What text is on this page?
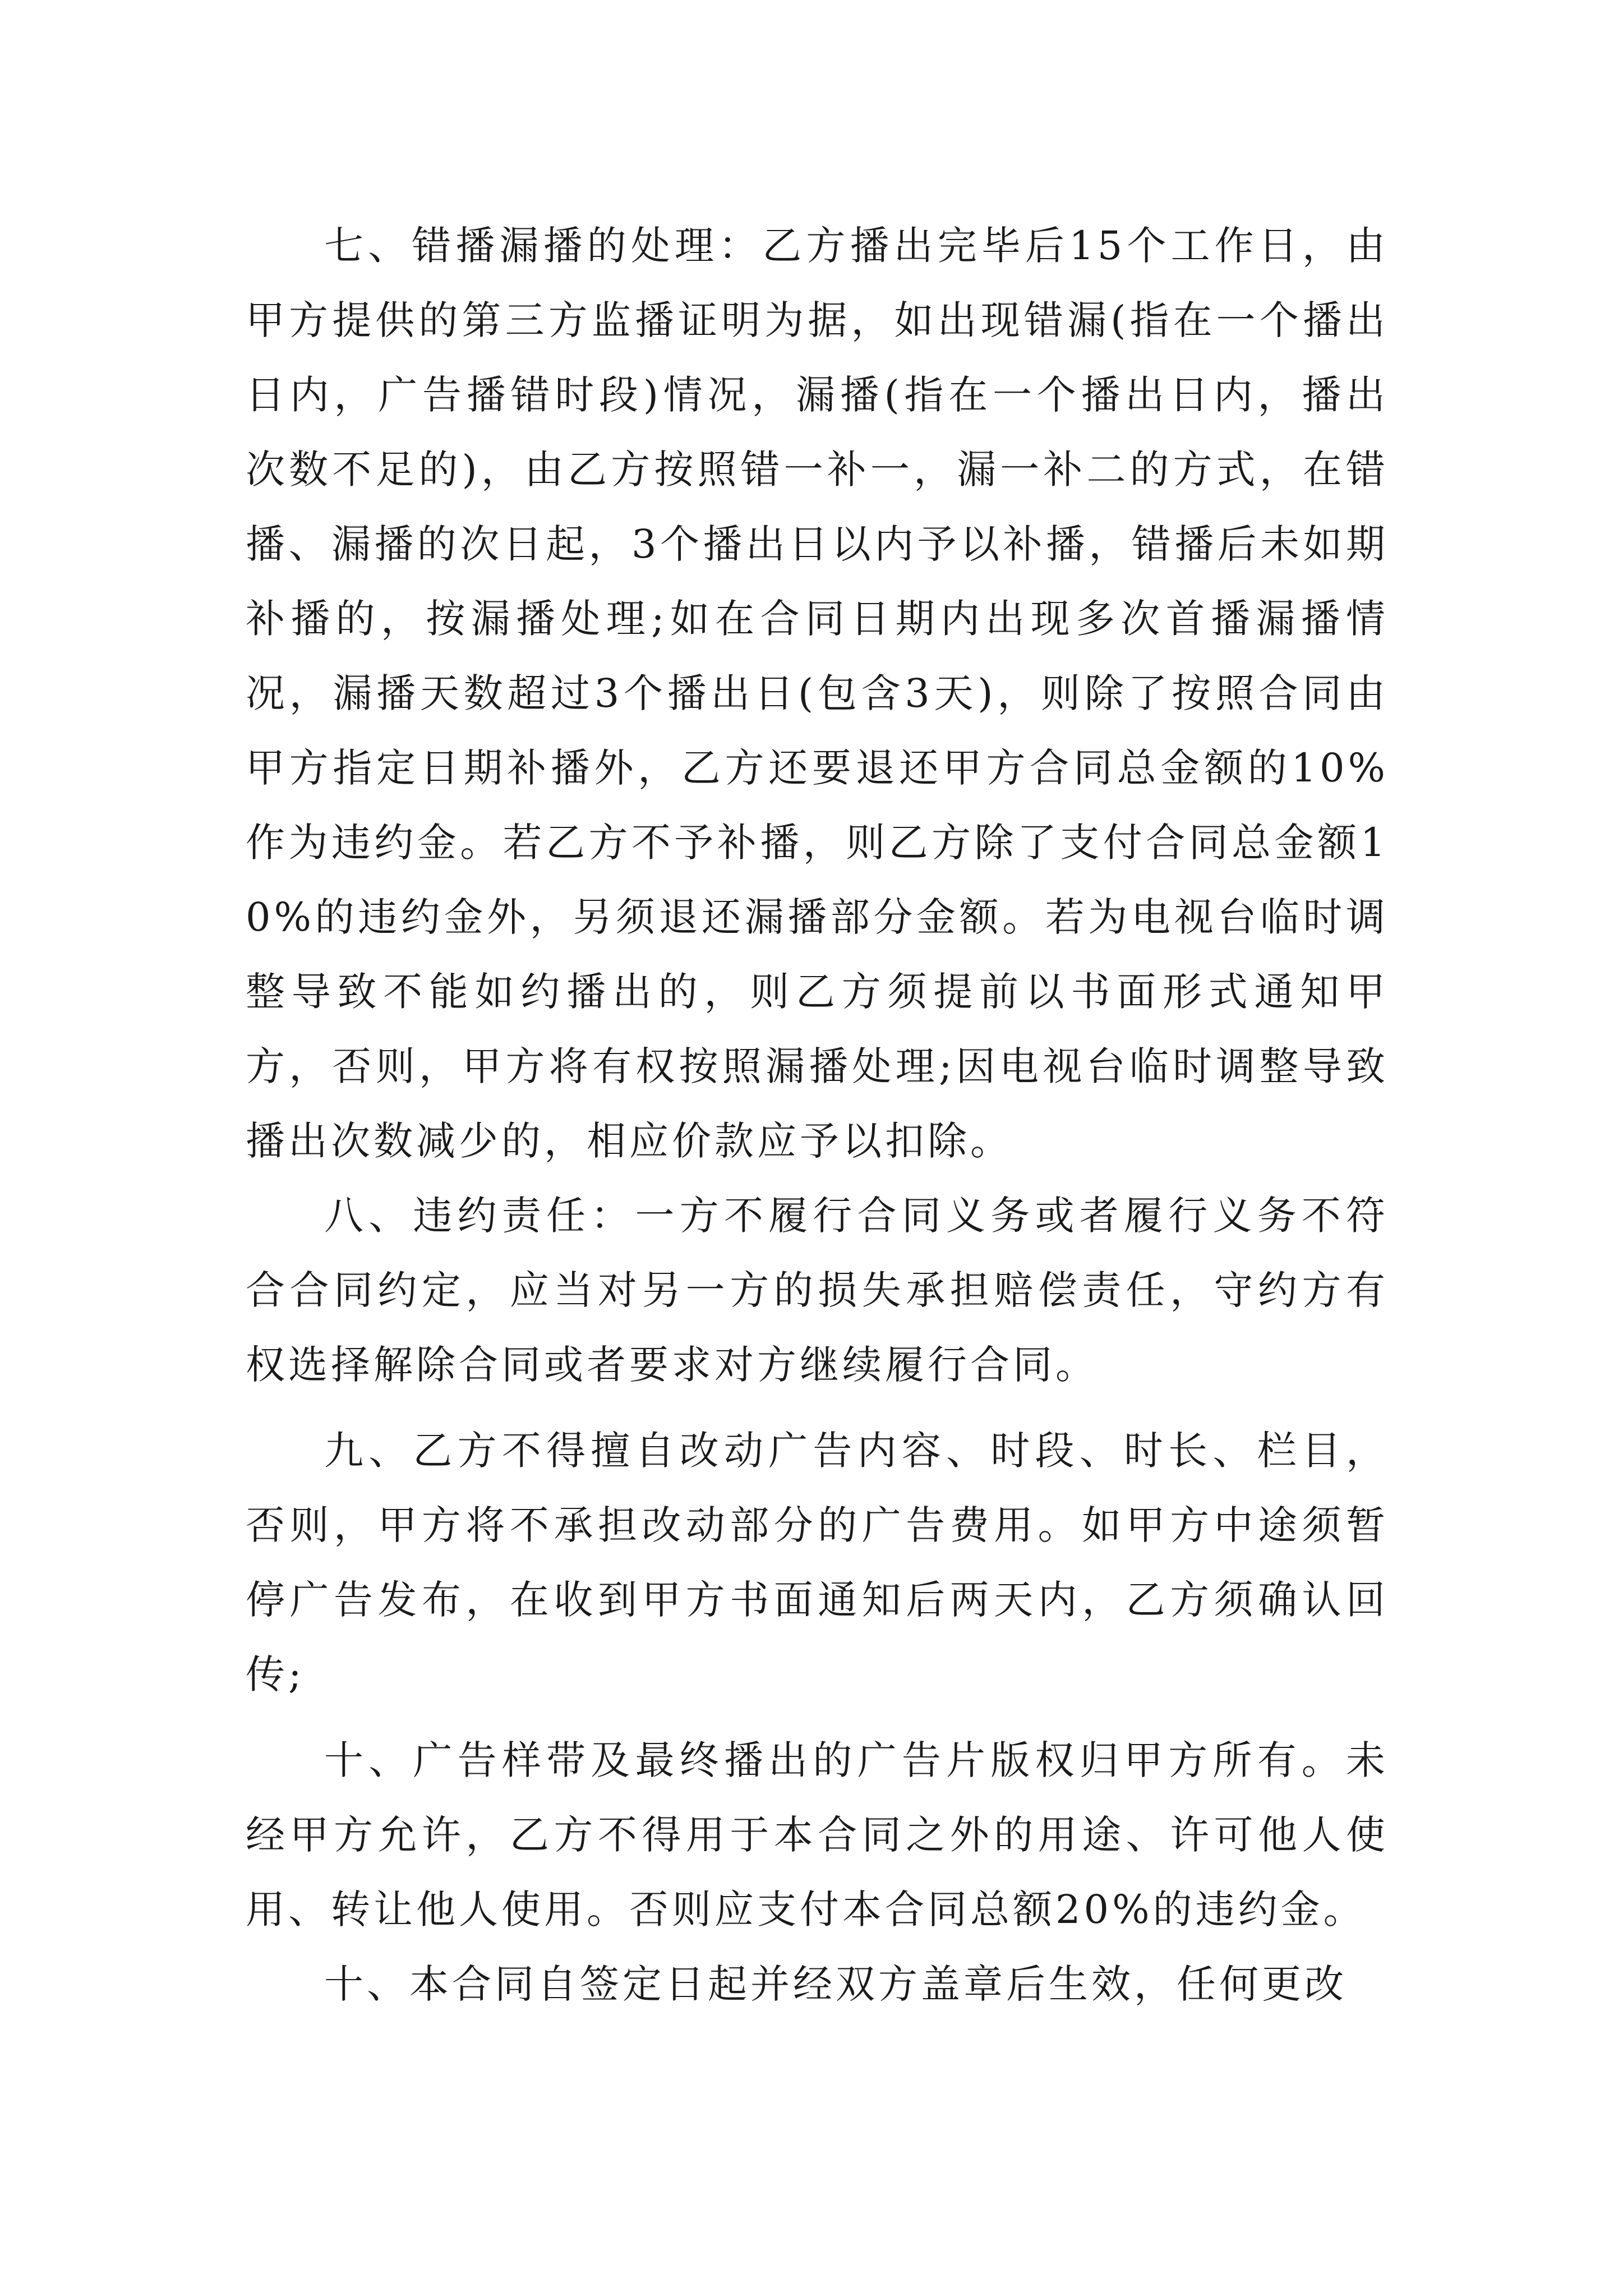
七、错播漏播的处理：乙方播出完毕后15个工作日，由甲方提供的第三方监播证明为据，如出现错漏(指在一个播出日内，广告播错时段)情况，漏播(指在一个播出日内，播出次数不足的)，由乙方按照错一补一，漏一补二的方式，在错播、漏播的次日起，3个播出日以内予以补播，错播后未如期补播的，按漏播处理;如在合同日期内出现多次首播漏播情况，漏播天数超过3个播出日(包含3天)，则除了按照合同由甲方指定日期补播外，乙方还要退还甲方合同总金额的10%作为违约金。若乙方不予补播，则乙方除了支付合同总金额10%的违约金外，另须退还漏播部分金额。若为电视台临时调整导致不能如约播出的，则乙方须提前以书面形式通知甲方，否则，甲方将有权按照漏播处理;因电视台临时调整导致播出次数减少的，相应价款应予以扣除。

八、违约责任：一方不履行合同义务或者履行义务不符合合同约定，应当对另一方的损失承担赔偿责任，守约方有权选择解除合同或者要求对方继续履行合同。

九、乙方不得擅自改动广告内容、时段、时长、栏目，否则，甲方将不承担改动部分的广告费用。如甲方中途须暂停广告发布，在收到甲方书面通知后两天内，乙方须确认回传;

十、广告样带及最终播出的广告片版权归甲方所有。未经甲方允许，乙方不得用于本合同之外的用途、许可他人使用、转让他人使用。否则应支付本合同总额20%的违约金。

十、本合同自签定日起并经双方盖章后生效，任何更改
